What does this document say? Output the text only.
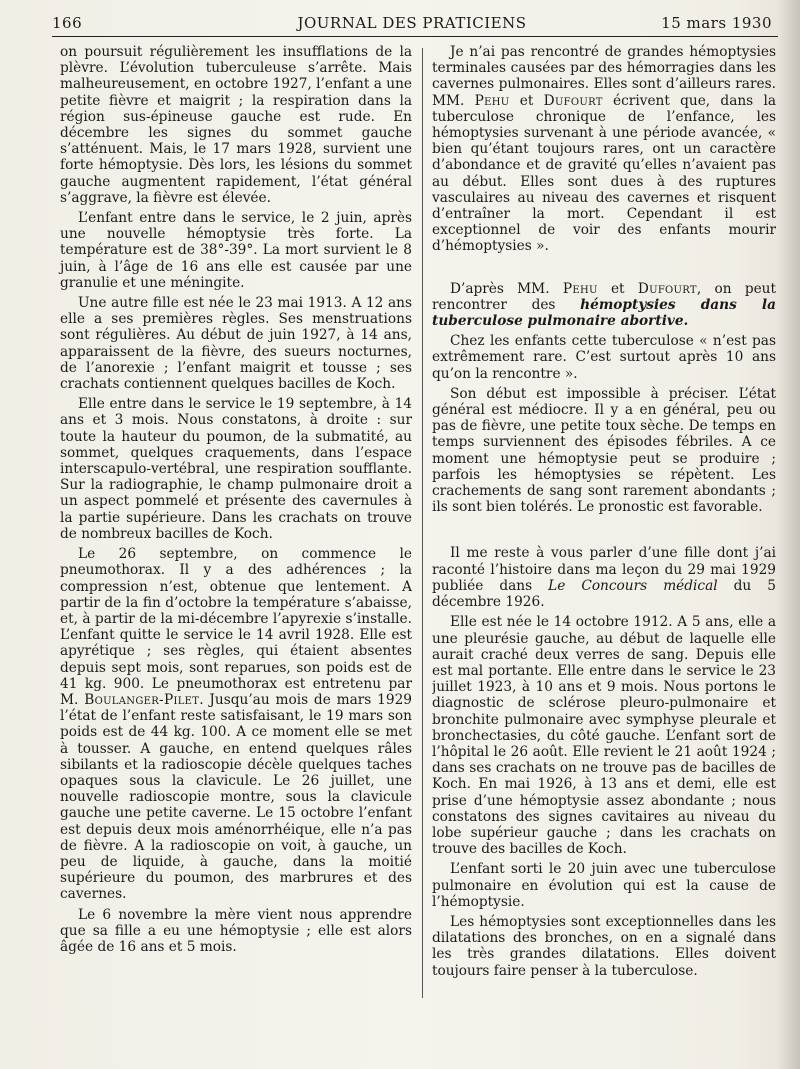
166	JOURNAL DES PRATICIENS	15 mars 1930

on poursuit régulièrement les insufflations de la plèvre. L’évolution tuberculeuse s’arrête. Mais malheureusement, en octobre 1927, l’enfant a une petite fièvre et maigrit ; la respiration dans la région sus-épineuse gauche est rude. En décembre les signes du sommet gauche s’atténuent. Mais, le 17 mars 1928, survient une forte hémoptysie. Dès lors, les lésions du sommet gauche augmentent rapidement, l’état général s’aggrave, la fièvre est élevée.

L’enfant entre dans le service, le 2 juin, après une nouvelle hémoptysie très forte. La température est de 38°-39°. La mort survient le 8 juin, à l’âge de 16 ans elle est causée par une granulie et une méningite.

Une autre fille est née le 23 mai 1913. A 12 ans elle a ses premières règles. Ses menstruations sont régulières. Au début de juin 1927, à 14 ans, apparaissent de la fièvre, des sueurs nocturnes, de l’anorexie ; l’enfant maigrit et tousse ; ses crachats contiennent quelques bacilles de Koch.

Elle entre dans le service le 19 septembre, à 14 ans et 3 mois. Nous constatons, à droite : sur toute la hauteur du poumon, de la submatité, au sommet, quelques craquements, dans l’espace interscapulo-vertébral, une respiration soufflante. Sur la radiographie, le champ pulmonaire droit a un aspect pommelé et présente des cavernules à la partie supérieure. Dans les crachats on trouve de nombreux bacilles de Koch.

Le 26 septembre, on commence le pneumothorax. Il y a des adhérences ; la compression n’est, obtenue que lentement. A partir de la fin d’octobre la température s’abaisse, et, à partir de la mi-décembre l’apyrexie s’installe. L’enfant quitte le service le 14 avril 1928. Elle est apyrétique ; ses règles, qui étaient absentes depuis sept mois, sont reparues, son poids est de 41 kg. 900. Le pneumothorax est entretenu par M. Boulanger-Pilet. Jusqu’au mois de mars 1929 l’état de l’enfant reste satisfaisant, le 19 mars son poids est de 44 kg. 100. A ce moment elle se met à tousser. A gauche, en entend quelques râles sibilants et la radioscopie décèle quelques taches opaques sous la clavicule. Le 26 juillet, une nouvelle radioscopie montre, sous la clavicule gauche une petite caverne. Le 15 octobre l’enfant est depuis deux mois aménorrhéique, elle n’a pas de fièvre. A la radioscopie on voit, à gauche, un peu de liquide, à gauche, dans la moitié supérieure du poumon, des marbrures et des cavernes.

Le 6 novembre la mère vient nous apprendre que sa fille a eu une hémoptysie ; elle est alors âgée de 16 ans et 5 mois.

Je n’ai pas rencontré de grandes hémoptysies terminales causées par des hémorragies dans les cavernes pulmonaires. Elles sont d’ailleurs rares. MM. Pehu et Dufourt écrivent que, dans la tuberculose chronique de l’enfance, les hémoptysies survenant à une période avancée, « bien qu’étant toujours rares, ont un caractère d’abondance et de gravité qu’elles n’avaient pas au début. Elles sont dues à des ruptures vasculaires au niveau des cavernes et risquent d’entraîner la mort. Cependant il est exceptionnel de voir des enfants mourir d’hémoptysies ».

D’après MM. Pehu et Dufourt, on peut rencontrer des hémoptysies dans la tuberculose pulmonaire abortive.

Chez les enfants cette tuberculose « n’est pas extrêmement rare. C’est surtout après 10 ans qu’on la rencontre ».

Son début est impossible à préciser. L’état général est médiocre. Il y a en général, peu ou pas de fièvre, une petite toux sèche. De temps en temps surviennent des épisodes fébriles. A ce moment une hémoptysie peut se produire ; parfois les hémoptysies se répètent. Les crachements de sang sont rarement abondants ; ils sont bien tolérés. Le pronostic est favorable.

Il me reste à vous parler d’une fille dont j’ai raconté l’histoire dans ma leçon du 29 mai 1929 publiée dans Le Concours médical du 5 décembre 1926.

Elle est née le 14 octobre 1912. A 5 ans, elle a une pleurésie gauche, au début de laquelle elle aurait craché deux verres de sang. Depuis elle est mal portante. Elle entre dans le service le 23 juillet 1923, à 10 ans et 9 mois. Nous portons le diagnostic de sclérose pleuro-pulmonaire et bronchite pulmonaire avec symphyse pleurale et bronchectasies, du côté gauche. L’enfant sort de l’hôpital le 26 août. Elle revient le 21 août 1924 ; dans ses crachats on ne trouve pas de bacilles de Koch. En mai 1926, à 13 ans et demi, elle est prise d’une hémoptysie assez abondante ; nous constatons des signes cavitaires au niveau du lobe supérieur gauche ; dans les crachats on trouve des bacilles de Koch.

L’enfant sorti le 20 juin avec une tuberculose pulmonaire en évolution qui est la cause de l’hémoptysie.

Les hémoptysies sont exceptionnelles dans les dilatations des bronches, on en a signalé dans les très grandes dilatations. Elles doivent toujours faire penser à la tuberculose.
